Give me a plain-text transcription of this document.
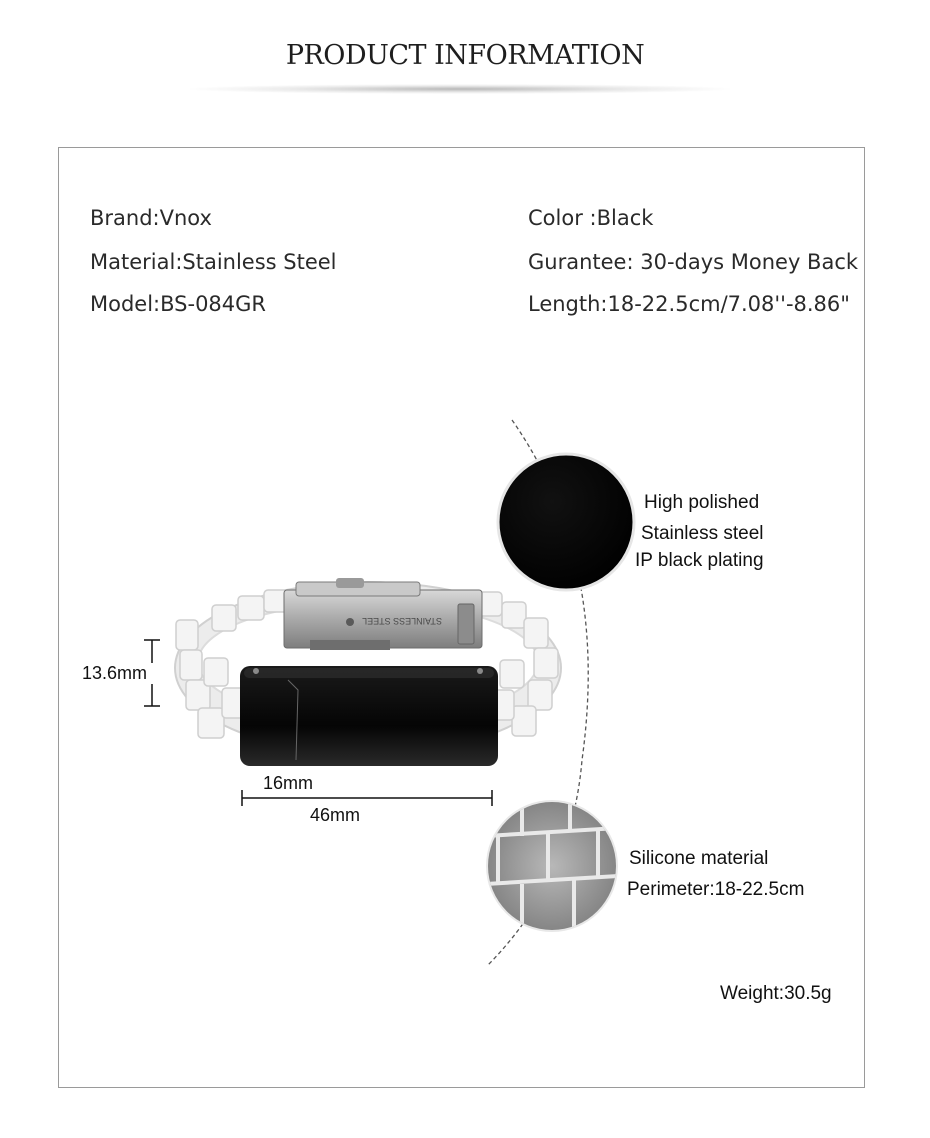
PRODUCT INFORMATION
Brand:Vnox
Material:Stainless Steel
Model:BS-084GR
Color :Black
Gurantee: 30-days Money Back
Length:18-22.5cm/7.08''-8.86"
STAINLESS STEEL
High polished
Stainless steel
IP black plating
Silicone material
Perimeter:18-22.5cm
13.6mm
16mm
46mm
Weight:30.5g
